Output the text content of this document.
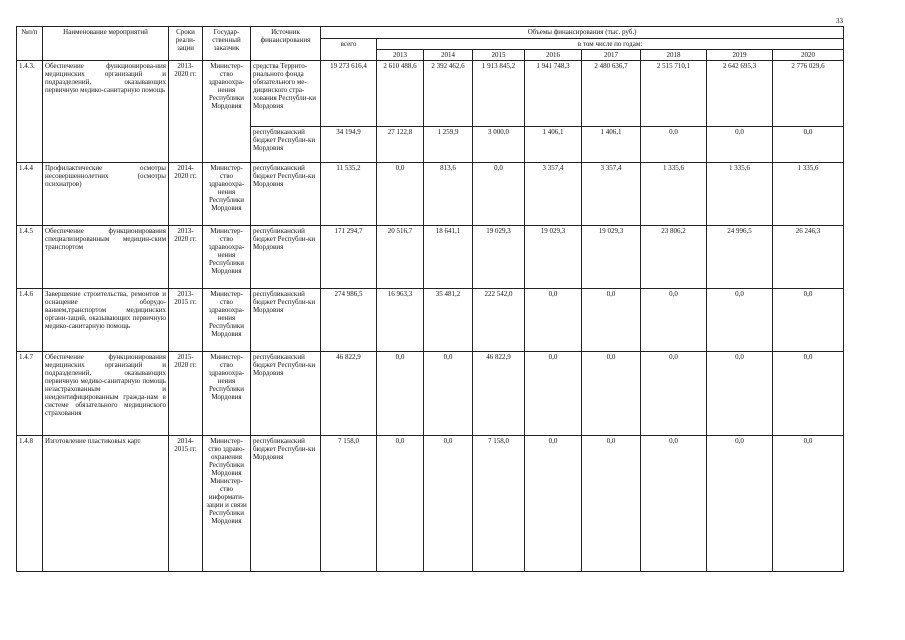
33
№п/п	Наименование мероприятий	Сроки реали-зации	Государ-ственный заказчик	Источник финансирования	Объемы финансирования (тыс. руб.)								
					всего	в том числе по годам:							
						2013	2014	2015	2016	2017	2018	2019	2020
1.4.3.	Обеспечение функционирова-ния медицинских организаций и подразделений, оказывающих первичную медико-санитарную помощь	2013-2020 гг.	Министер-ство здравоохра-нения Республики Мордовия	средства Террито-риального фонда обязательного ме-дицинского стра-хования Республи-ки Мордовия	19 273 616,4	2 610 488,6	2 392 462,6	1 913 845,2	1 941 748,3	2 480 636,7	2 515 710,1	2 642 695,3	2 776 029,6
				республиканский бюджет Республи-ки Мордовия	34 194,9	27 122,8	1 259,9	3 000,0	1 406,1	1 406,1	0,0	0,0	0,0
1.4.4	Профилактические осмотры несовершеннолетних (осмотры психиатров)	2014-2020 гг.	Министер-ство здравоохра-нения Республики Мордовия	республиканский бюджет Республи-ки Мордовия	11 535,2	0,0	813,6	0,0	3 357,4	3 357,4	1 335,6	1 335,6	1 335,6
1.4.5	Обеспечение функционирования специализированным медицин-ским транспортом	2013-2020 гг.	Министер-ство здравоохра-нения Республики Мордовия	республиканский бюджет Республи-ки Мордовия	171 294,7	20 516,7	18 641,1	19 029,3	19 029,3	19 029,3	23 806,2	24 996,5	26 246,3
1.4.6	Завершение строительства, ремонтов и оснащение оборудо-ванием,транспортом медицинских органи-заций, оказывающих первичную медико-санитарную помощь	2013-2015 гг.	Министер-ство здравоохра-нения Республики Мордовия	республиканский бюджет Республи-ки Мордовия	274 986,5	16 963,3	35 481,2	222 542,0	0,0	0,0	0,0	0,0	0,0
1.4.7	Обеспечение функционирования медицинских организаций и подразделений, оказывающих первичную медико-санитарную помощь незастрахованным и неидентифицированным гражда-нам в системе обязательного медицинского страхования	2015-2020 гг.	Министер-ство здравоохра-нения Республики Мордовия	республиканский бюджет Республи-ки Мордовия	46 822,9	0,0	0,0	46 822,9	0,0	0,0	0,0	0,0	0,0
1.4.8	Изготовление пластиковых карт	2014-2015 гг.	Министер-ство здраво-охранения Республики Мордовия Министер-ство информати-зации и связи Республики Мордовия	республиканский бюджет Республи-ки Мордовия	7 158,0	0,0	0,0	7 158,0	0,0	0,0	0,0	0,0	0,0
